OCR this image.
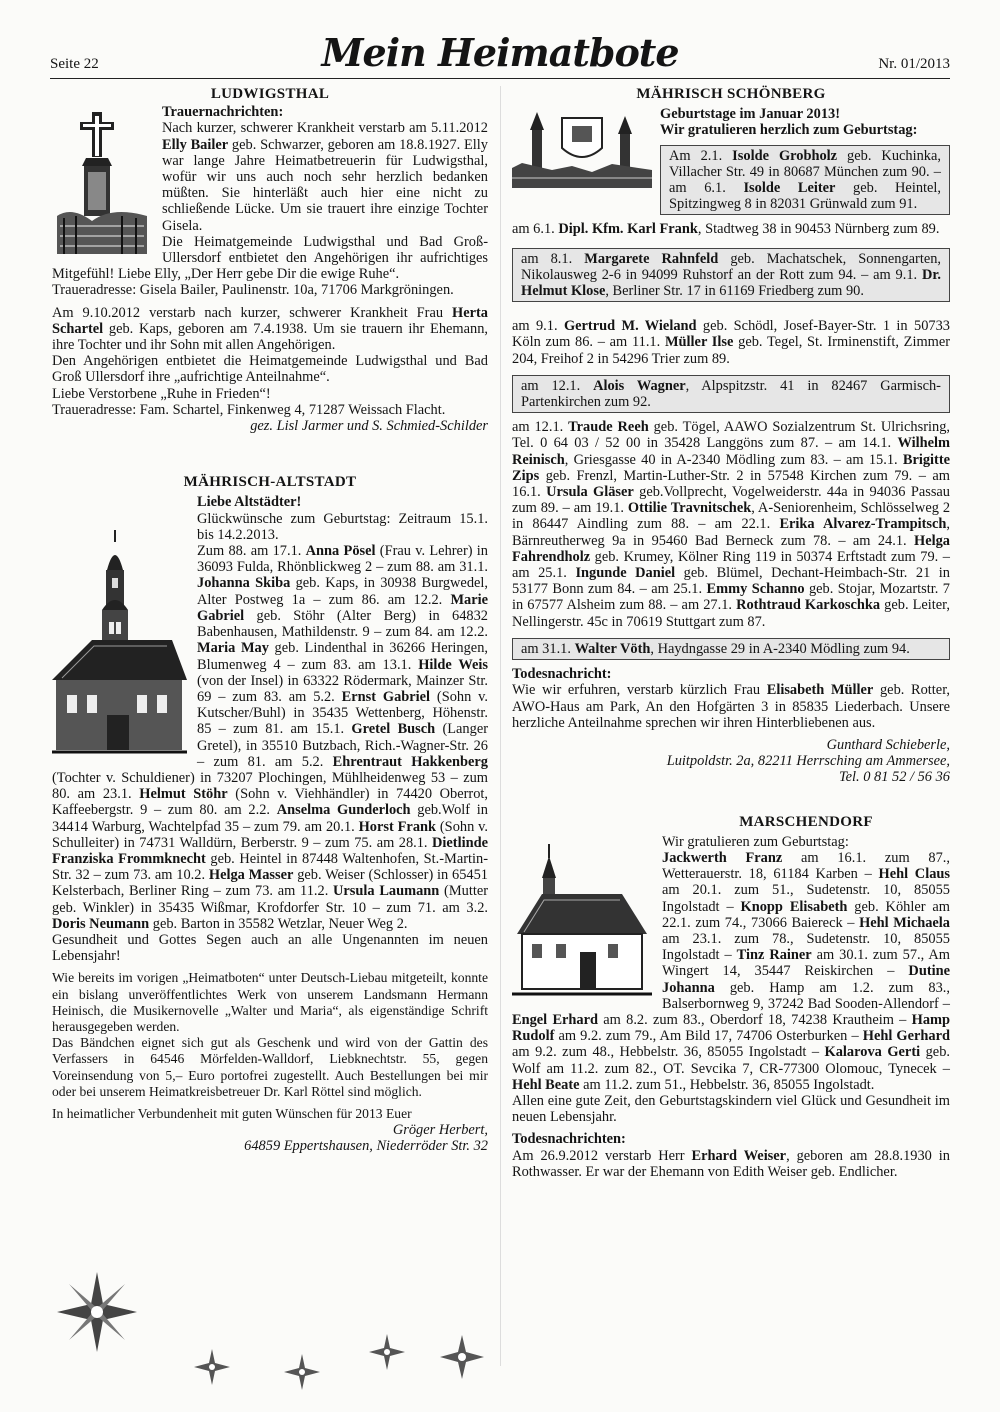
Seite 22	Mein Heimatbote	Nr. 01/2013
LUDWIGSTHAL

Trauernachrichten:

Nach kurzer, schwerer Krankheit verstarb am 5.11.2012 Elly Bailer geb. Schwarzer, geboren am 18.8.1927. Elly war lange Jahre Heimatbetreuerin für Ludwigsthal, wofür wir uns auch noch sehr herzlich bedanken müßten. Sie hinterläßt auch hier eine nicht zu schließende Lücke. Um sie trauert ihre einzige Tochter Gisela.

Die Heimatgemeinde Ludwigsthal und Bad Groß-Ullersdorf entbietet den Angehörigen ihr aufrichtiges Mitgefühl! Liebe Elly, „Der Herr gebe Dir die ewige Ruhe“.

Traueradresse: Gisela Bailer, Paulinenstr. 10a, 71706 Markgröningen.

Am 9.10.2012 verstarb nach kurzer, schwerer Krankheit Frau Herta Schartel geb. Kaps, geboren am 7.4.1938. Um sie trauern ihr Ehemann, ihre Tochter und ihr Sohn mit allen Angehörigen.

Den Angehörigen entbietet die Heimatgemeinde Ludwigsthal und Bad Groß Ullersdorf ihre „aufrichtige Anteilnahme“.

Liebe Verstorbene „Ruhe in Frieden“!

Traueradresse: Fam. Schartel, Finkenweg 4, 71287 Weissach Flacht.

gez. Lisl Jarmer und S. Schmied-Schilder

MÄHRISCH-ALTSTADT

Liebe Altstädter!

Glückwünsche zum Geburtstag: Zeitraum 15.1. bis 14.2.2013.

Zum 88. am 17.1. Anna Pösel (Frau v. Lehrer) in 36093 Fulda, Rhönblickweg 2 – zum 88. am 31.1. Johanna Skiba geb. Kaps, in 30938 Burgwedel, Alter Postweg 1a – zum 86. am 12.2. Marie Gabriel geb. Stöhr (Alter Berg) in 64832 Babenhausen, Mathildenstr. 9 – zum 84. am 12.2. Maria May geb. Lindenthal in 36266 Heringen, Blumenweg 4 – zum 83. am 13.1. Hilde Weis (von der Insel) in 63322 Rödermark, Mainzer Str. 69 – zum 83. am 5.2. Ernst Gabriel (Sohn v. Kutscher/Buhl) in 35435 Wettenberg, Höhenstr. 85 – zum 81. am 15.1. Gretel Busch (Langer Gretel), in 35510 Butzbach, Rich.-Wagner-Str. 26 – zum 81. am 5.2. Ehrentraut Hakkenberg (Tochter v. Schuldiener) in 73207 Plochingen, Mühlheidenweg 53 – zum 80. am 23.1. Helmut Stöhr (Sohn v. Viehhändler) in 74420 Oberrot, Kaffeebergstr. 9 – zum 80. am 2.2. Anselma Gunderloch geb.Wolf in 34414 Warburg, Wachtelpfad 35 – zum 79. am 20.1. Horst Frank (Sohn v. Schulleiter) in 74731 Walldürn, Berberstr. 9 – zum 75. am 28.1. Dietlinde Franziska Frommknecht geb. Heintel in 87448 Waltenhofen, St.-Martin-Str. 32 – zum 73. am 10.2. Helga Masser geb. Weiser (Schlosser) in 65451 Kelsterbach, Berliner Ring – zum 73. am 11.2. Ursula Laumann (Mutter geb. Winkler) in 35435 Wißmar, Krofdorfer Str. 10 – zum 71. am 3.2. Doris Neumann geb. Barton in 35582 Wetzlar, Neuer Weg 2.

Gesundheit und Gottes Segen auch an alle Ungenannten im neuen Lebensjahr!

Wie bereits im vorigen „Heimatboten“ unter Deutsch-Liebau mitgeteilt, konnte ein bislang unveröffentlichtes Werk von unserem Landsmann Hermann Heinisch, die Musikernovelle „Walter und Maria“, als eigenständige Schrift herausgegeben werden.

Das Bändchen eignet sich gut als Geschenk und wird von der Gattin des Verfassers in 64546 Mörfelden-Walldorf, Liebknechtstr. 55, gegen Voreinsendung von 5,– Euro portofrei zugestellt. Auch Bestellungen bei mir oder bei unserem Heimatkreisbetreuer Dr. Karl Röttel sind möglich.

In heimatlicher Verbundenheit mit guten Wünschen für 2013 Euer

Gröger Herbert,

64859 Eppertshausen, Niederröder Str. 32

MÄHRISCH SCHÖNBERG

Geburtstage im Januar 2013!

Wir gratulieren herzlich zum Geburtstag:

Am 2.1. Isolde Grobholz geb. Kuchinka, Villacher Str. 49 in 80687 München zum 90. – am 6.1. Isolde Leiter geb. Heintel, Spitzingweg 8 in 82031 Grünwald zum 91.

am 6.1. Dipl. Kfm. Karl Frank, Stadtweg 38 in 90453 Nürnberg zum 89.

am 8.1. Margarete Rahnfeld geb. Machatschek, Sonnengarten, Nikolausweg 2-6 in 94099 Ruhstorf an der Rott zum 94. – am 9.1. Dr. Helmut Klose, Berliner Str. 17 in 61169 Friedberg zum 90.

am 9.1. Gertrud M. Wieland geb. Schödl, Josef-Bayer-Str. 1 in 50733 Köln zum 86. – am 11.1. Müller Ilse geb. Tegel, St. Irminenstift, Zimmer 204, Freihof 2 in 54296 Trier zum 89.

am 12.1. Alois Wagner, Alpspitzstr. 41 in 82467 Garmisch-Partenkirchen zum 92.

am 12.1. Traude Reeh geb. Tögel, AAWO Sozialzentrum St. Ulrichsring, Tel. 0 64 03 / 52 00 in 35428 Langgöns zum 87. – am 14.1. Wilhelm Reinisch, Griesgasse 40 in A-2340 Mödling zum 83. – am 15.1. Brigitte Zips geb. Frenzl, Martin-Luther-Str. 2 in 57548 Kirchen zum 79. – am 16.1. Ursula Gläser geb.Vollprecht, Vogelweiderstr. 44a in 94036 Passau zum 89. – am 19.1. Ottilie Travnitschek, A-Seniorenheim, Schlösselweg 2 in 86447 Aindling zum 88. – am 22.1. Erika Alvarez-Trampitsch, Bärnreutherweg 9a in 95460 Bad Berneck zum 78. – am 24.1. Helga Fahrendholz geb. Krumey, Kölner Ring 119 in 50374 Erftstadt zum 79. – am 25.1. Ingunde Daniel geb. Blümel, Dechant-Heimbach-Str. 21 in 53177 Bonn zum 84. – am 25.1. Emmy Schanno geb. Stojar, Mozartstr. 7 in 67577 Alsheim zum 88. – am 27.1. Rothtraud Karkoschka geb. Leiter, Nellingerstr. 45c in 70619 Stuttgart zum 87.

am 31.1. Walter Vöth, Haydngasse 29 in A-2340 Mödling zum 94.

Todesnachricht:

Wie wir erfuhren, verstarb kürzlich Frau Elisabeth Müller geb. Rotter, AWO-Haus am Park, An den Hofgärten 3 in 85835 Liederbach. Unsere herzliche Anteilnahme sprechen wir ihren Hinterbliebenen aus.

Gunthard Schieberle,

Luitpoldstr. 2a, 82211 Herrsching am Ammersee,

Tel. 0 81 52 / 56 36

MARSCHENDORF

Wir gratulieren zum Geburtstag:

Jackwerth Franz am 16.1. zum 87., Wetterauerstr. 18, 61184 Karben – Hehl Claus am 20.1. zum 51., Sudetenstr. 10, 85055 Ingolstadt – Knopp Elisabeth geb. Köhler am 22.1. zum 74., 73066 Baiereck – Hehl Michaela am 23.1. zum 78., Sudetenstr. 10, 85055 Ingolstadt – Tinz Rainer am 30.1. zum 57., Am Wingert 14, 35447 Reiskirchen – Dutine Johanna geb. Hamp am 1.2. zum 83., Balserbornweg 9, 37242 Bad Sooden-Allendorf – Engel Erhard am 8.2. zum 83., Oberdorf 18, 74238 Krautheim – Hamp Rudolf am 9.2. zum 79., Am Bild 17, 74706 Osterburken – Hehl Gerhard am 9.2. zum 48., Hebbelstr. 36, 85055 Ingolstadt – Kalarova Gerti geb. Wolf am 11.2. zum 82., OT. Sevcika 7, CR-77300 Olomouc, Tynecek – Hehl Beate am 11.2. zum 51., Hebbelstr. 36, 85055 Ingolstadt.

Allen eine gute Zeit, den Geburtstagskindern viel Glück und Gesundheit im neuen Lebensjahr.

Todesnachrichten:

Am 26.9.2012 verstarb Herr Erhard Weiser, geboren am 28.8.1930 in Rothwasser. Er war der Ehemann von Edith Weiser geb. Endlicher.
